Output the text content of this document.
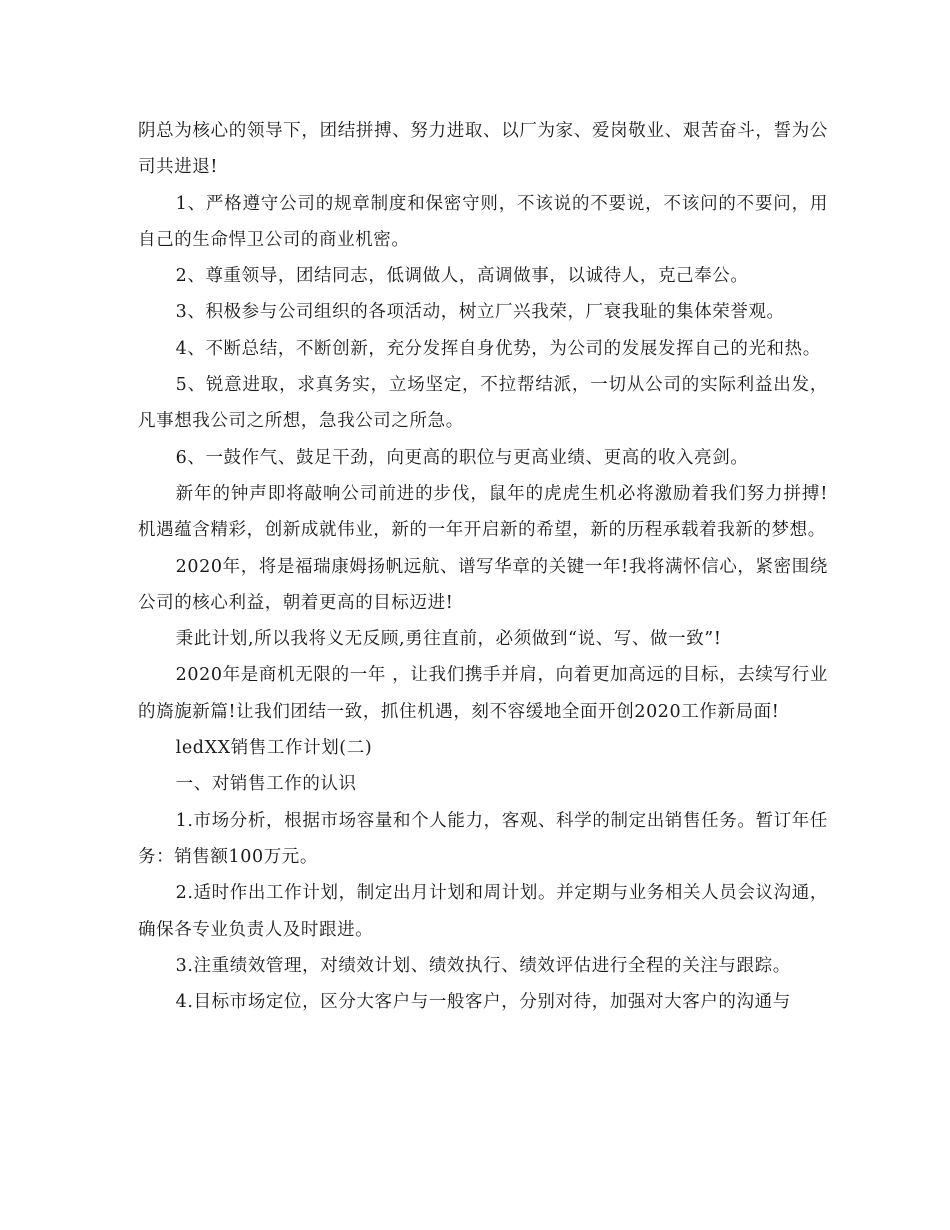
阴总为核心的领导下，团结拼搏、努力进取、以厂为家、爱岗敬业、艰苦奋斗，誓为公司共进退!

1、严格遵守公司的规章制度和保密守则，不该说的不要说，不该问的不要问，用自己的生命悍卫公司的商业机密。

2、尊重领导，团结同志，低调做人，高调做事，以诚待人，克己奉公。

3、积极参与公司组织的各项活动，树立厂兴我荣，厂衰我耻的集体荣誉观。

4、不断总结，不断创新，充分发挥自身优势，为公司的发展发挥自己的光和热。

5、锐意进取，求真务实，立场坚定，不拉帮结派，一切从公司的实际利益出发，凡事想我公司之所想，急我公司之所急。

6、一鼓作气、鼓足干劲，向更高的职位与更高业绩、更高的收入亮剑。

新年的钟声即将敲响公司前进的步伐，鼠年的虎虎生机必将激励着我们努力拼搏!机遇蕴含精彩，创新成就伟业，新的一年开启新的希望，新的历程承载着我新的梦想。

2020年，将是福瑞康姆扬帆远航、谱写华章的关键一年!我将满怀信心，紧密围绕公司的核心利益，朝着更高的目标迈进!

秉此计划,所以我将义无反顾,勇往直前，必须做到“说、写、做一致”!

2020年是商机无限的一年 ，让我们携手并肩，向着更加高远的目标，去续写行业的旖旎新篇!让我们团结一致，抓住机遇，刻不容缓地全面开创2020工作新局面!

ledXX销售工作计划(二)

一、对销售工作的认识

1.市场分析，根据市场容量和个人能力，客观、科学的制定出销售任务。暂订年任务：销售额100万元。

2.适时作出工作计划，制定出月计划和周计划。并定期与业务相关人员会议沟通，确保各专业负责人及时跟进。

3.注重绩效管理，对绩效计划、绩效执行、绩效评估进行全程的关注与跟踪。

4.目标市场定位，区分大客户与一般客户，分别对待，加强对大客户的沟通与
